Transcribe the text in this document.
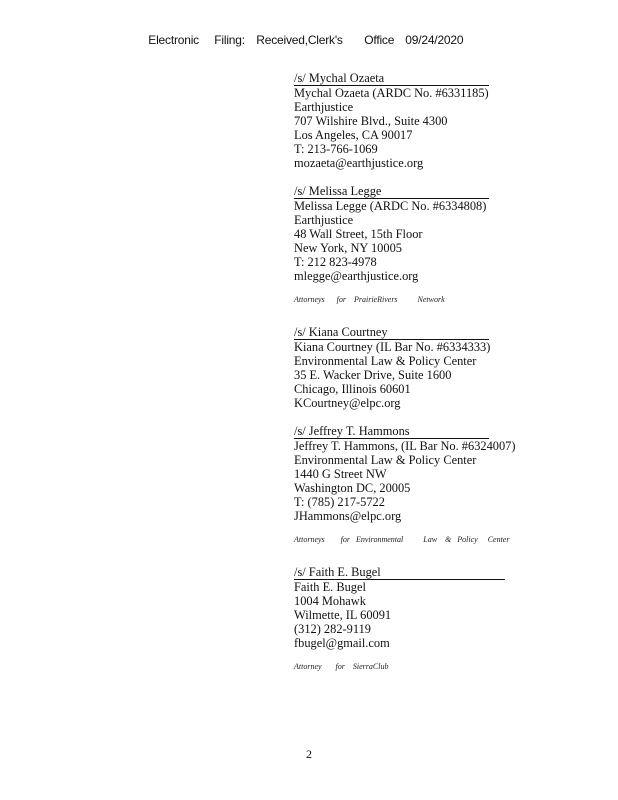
Electronic Filing: Received,Clerk's Office 09/24/2020

/s/ Mychal Ozaeta
Mychal Ozaeta (ARDC No. #6331185)
Earthjustice
707 Wilshire Blvd., Suite 4300
Los Angeles, CA 90017
T: 213-766-1069
mozaeta@earthjustice.org
/s/ Melissa Legge
Melissa Legge (ARDC No. #6334808)
Earthjustice
48 Wall Street, 15th Floor
New York, NY 10005
T: 212 823-4978
mlegge@earthjustice.org
Attorneys      for    PrairieRivers          Network
/s/ Kiana Courtney
Kiana Courtney (IL Bar No. #6334333)
Environmental Law & Policy Center
35 E. Wacker Drive, Suite 1600
Chicago, Illinois 60601
KCourtney@elpc.org
/s/ Jeffrey T. Hammons
Jeffrey T. Hammons, (IL Bar No. #6324007)
Environmental Law & Policy Center
1440 G Street NW
Washington DC, 20005
T: (785) 217-5722
JHammons@elpc.org
Attorneys        for   Environmental          Law    &   Policy     Center
/s/ Faith E. Bugel
Faith E. Bugel
1004 Mohawk
Wilmette, IL 60091
(312) 282-9119
fbugel@gmail.com
Attorney       for    SierraClub
2
